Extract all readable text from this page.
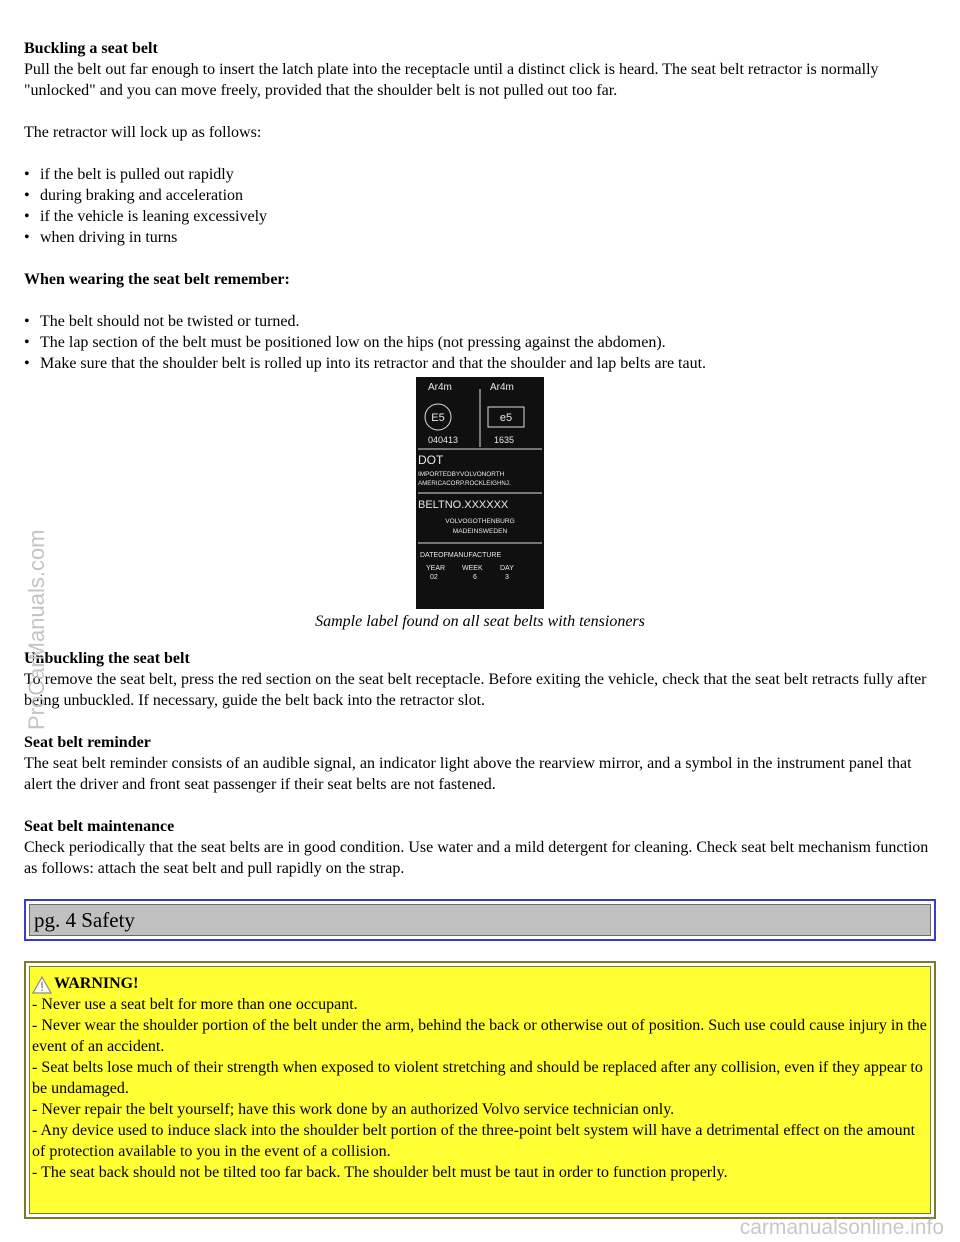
Buckling a seat belt

Pull the belt out far enough to insert the latch plate into the receptacle until a distinct click is heard. The seat belt retractor is normally "unlocked" and you can move freely, provided that the shoulder belt is not pulled out too far.

The retractor will lock up as follows:

• if the belt is pulled out rapidly
• during braking and acceleration
• if the vehicle is leaning excessively
• when driving in turns

When wearing the seat belt remember:

• The belt should not be twisted or turned.
• The lap section of the belt must be positioned low on the hips (not pressing against the abdomen).
• Make sure that the shoulder belt is rolled up into its retractor and that the shoulder and lap belts are taut.
Ar4m	Ar4m
E5	e5
040413	1635
DOT
IMPORTEDBYVOLVONORTH
AMERICACORP.ROCKLEIGHNJ.
BELTNO.XXXXXX
VOLVOGOTHENBURG
MADEINSWEDEN
DATEOFMANUFACTURE
YEAR WEEK DAY
02	6	3

Sample label found on all seat belts with tensioners

Unbuckling the seat belt

To remove the seat belt, press the red section on the seat belt receptacle. Before exiting the vehicle, check that the seat belt retracts fully after being unbuckled. If necessary, guide the belt back into the retractor slot.

Seat belt reminder

The seat belt reminder consists of an audible signal, an indicator light above the rearview mirror, and a symbol in the instrument panel that alert the driver and front seat passenger if their seat belts are not fastened.

Seat belt maintenance

Check periodically that the seat belts are in good condition. Use water and a mild detergent for cleaning. Check seat belt mechanism function as follows: attach the seat belt and pull rapidly on the strap.

pg. 4 Safety
WARNING!

- Never use a seat belt for more than one occupant.

- Never wear the shoulder portion of the belt under the arm, behind the back or otherwise out of position. Such use could cause injury in the event of an accident.

- Seat belts lose much of their strength when exposed to violent stretching and should be replaced after any collision, even if they appear to be undamaged.

- Never repair the belt yourself; have this work done by an authorized Volvo service technician only.

- Any device used to induce slack into the shoulder belt portion of the three-point belt system will have a detrimental effect on the amount of protection available to you in the event of a collision.

- The seat back should not be tilted too far back. The shoulder belt must be taut in order to function properly.

ProCarManuals.com
carmanualsonline.info
